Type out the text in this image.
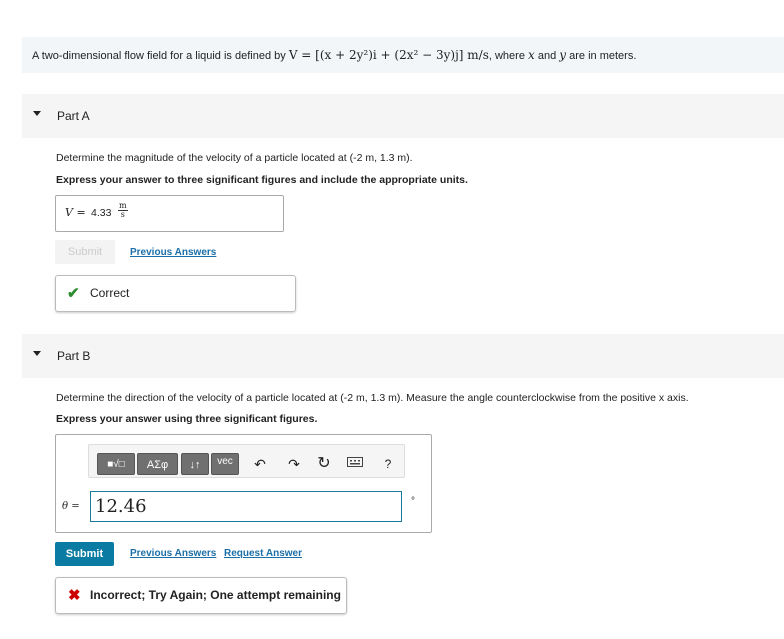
A two-dimensional flow field for a liquid is defined by V = [(x + 2y²)i + (2x² − 3y)j] m/s, where x and y are in meters.
Part A
Determine the magnitude of the velocity of a particle located at (-2 m, 1.3 m).
Express your answer to three significant figures and include the appropriate units.
$V = 4.33 \frac{m}{s}$
Submit	Previous Answers
✔ Correct
Part B
Determine the direction of the velocity of a particle located at (-2 m, 1.3 m). Measure the angle counterclockwise from the positive x axis.
Express your answer using three significant figures.
■√□	ΑΣφ	↓↑	vec	↶ ↷ ↻	?
θ = 12.46	°
Submit	Previous Answers Request Answer
✖ Incorrect; Try Again; One attempt remaining
